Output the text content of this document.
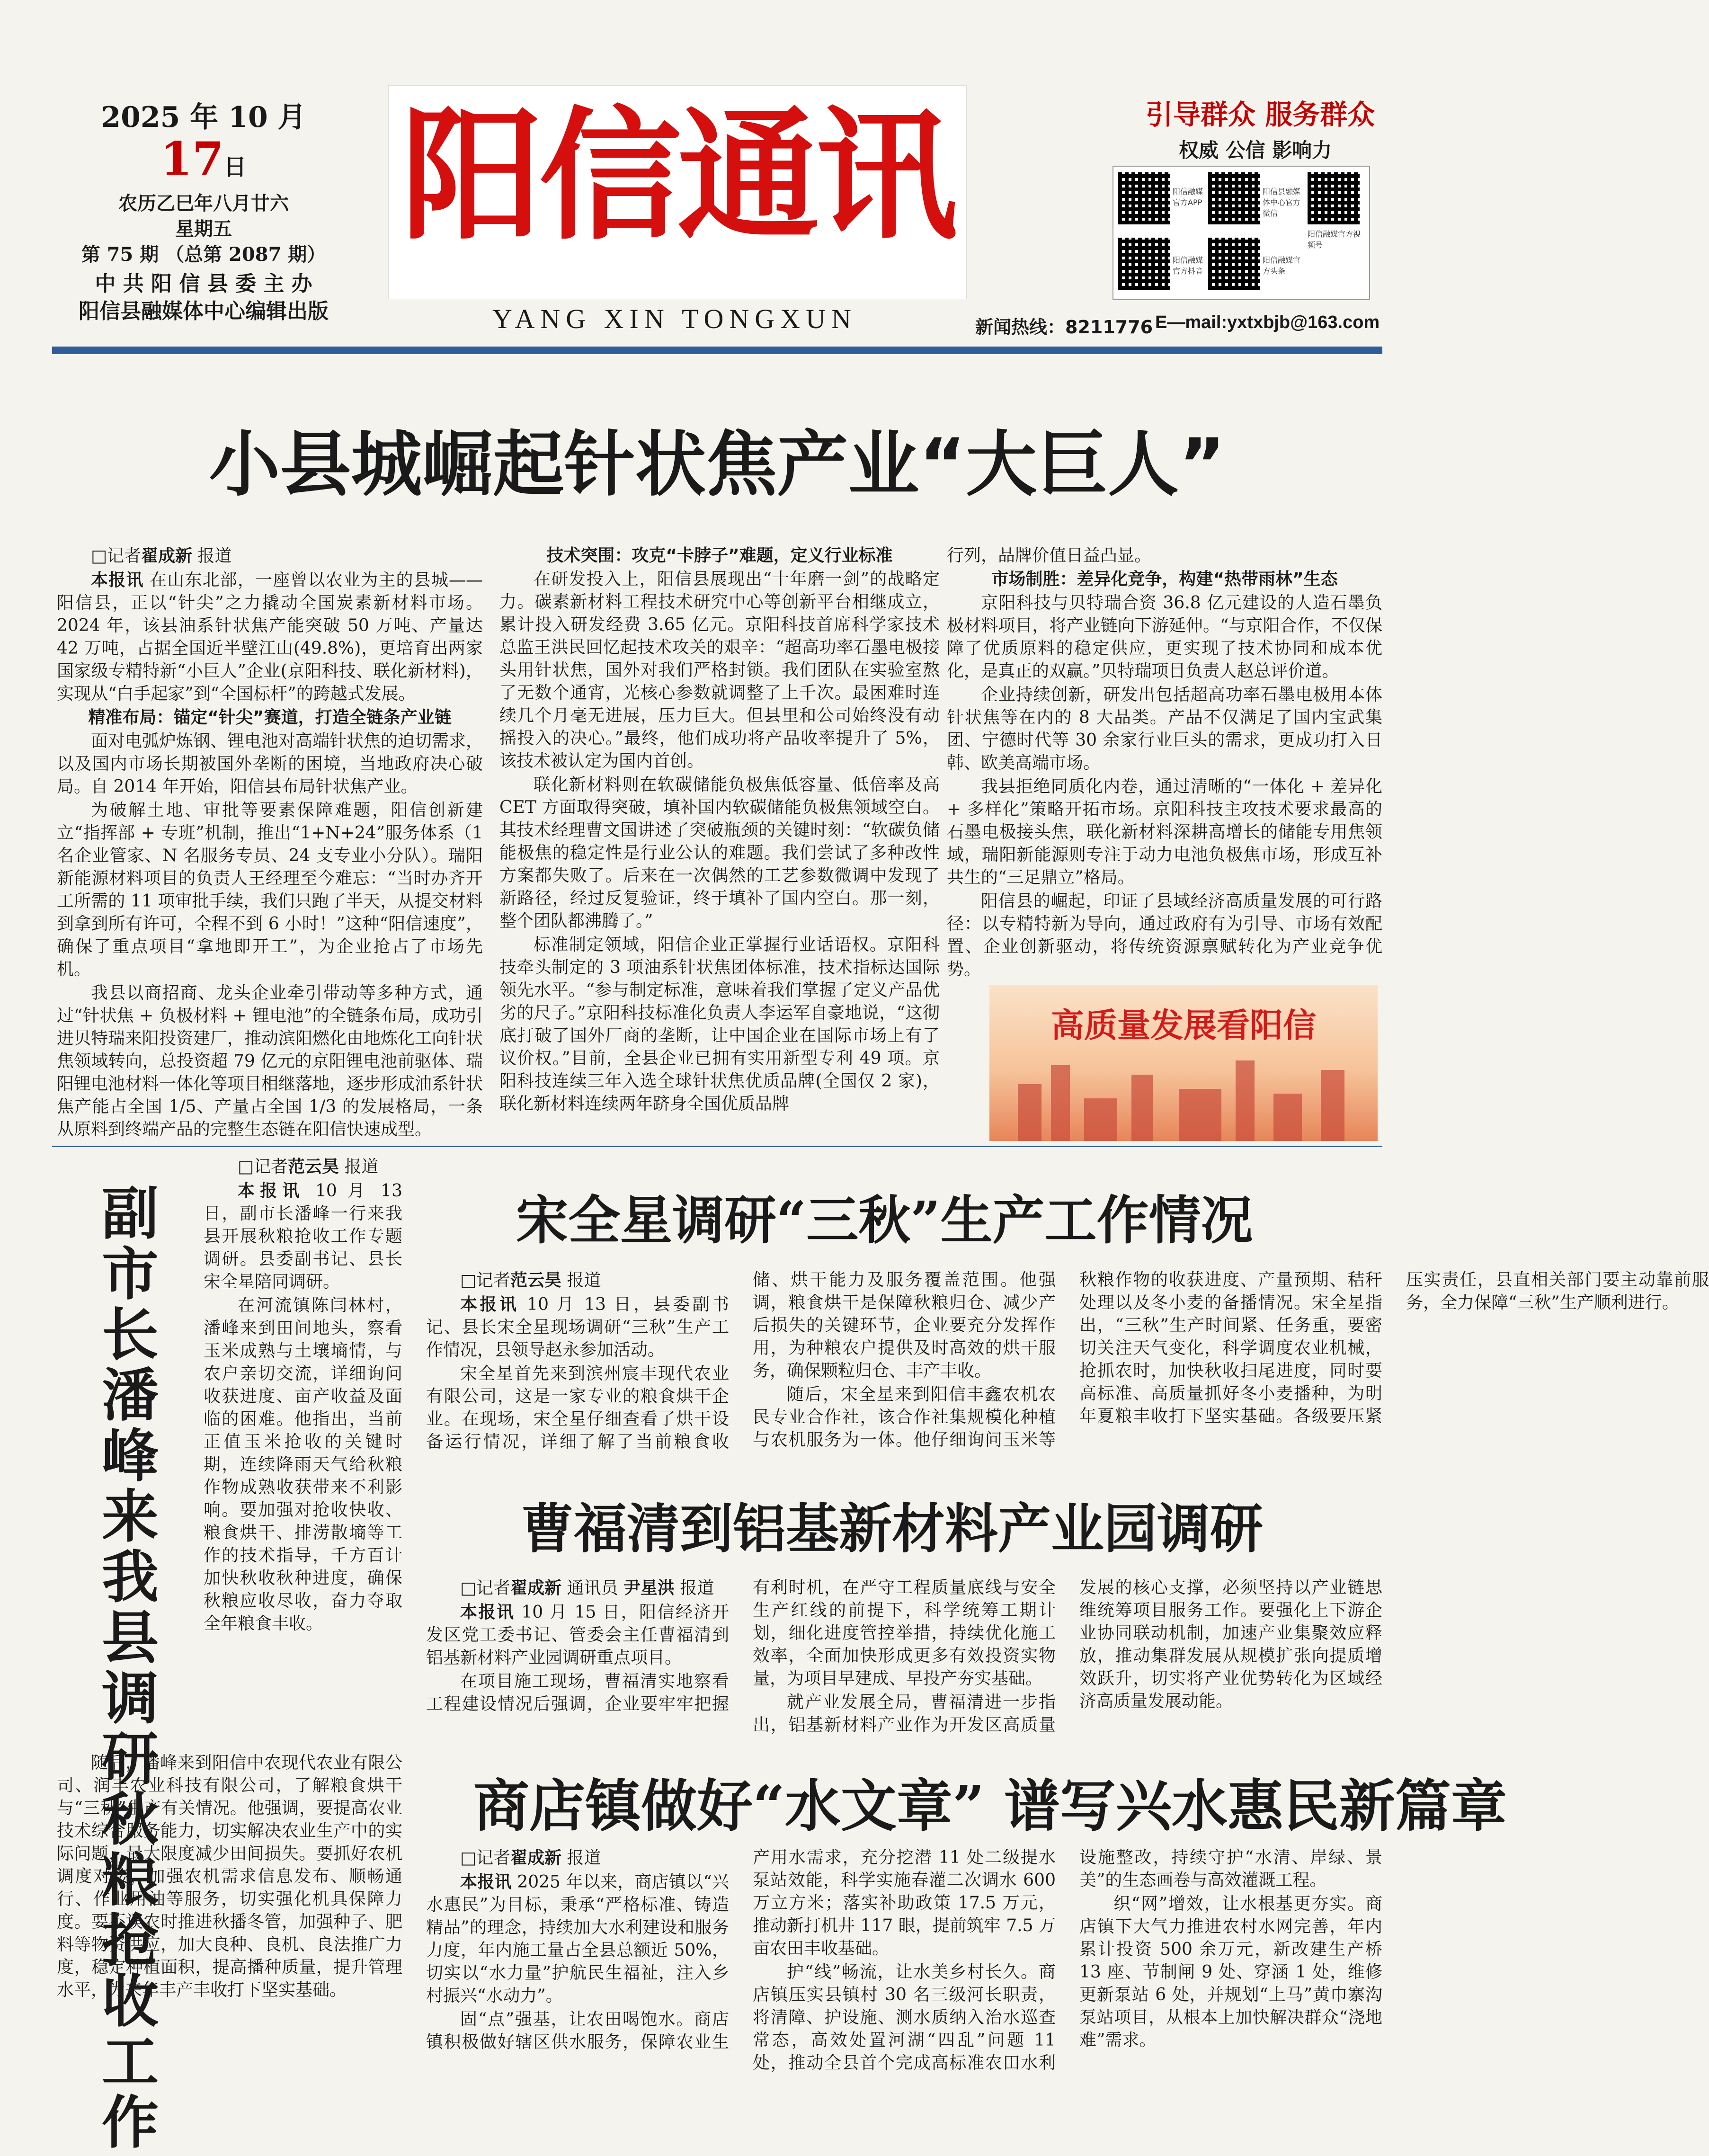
2025 年 10 月
17日
农历乙巳年八月廿六
星期五
第 75 期 （总第 2087 期）
中 共 阳 信 县 委 主 办
阳信县融媒体中心编辑出版
阳信通讯
YANG XIN TONGXUN
引导群众 服务群众
权威 公信 影响力
阳信融媒官方APP
阳信县融媒体中心官方微信
阳信融媒官方抖音
阳信融媒官方头条
阳信融媒官方视频号
新闻热线：8211776 E—mail:yxtxbjb@163.com
小县城崛起针状焦产业“大巨人”

□记者翟成新 报道

本报讯 在山东北部，一座曾以农业为主的县城——阳信县，正以“针尖”之力撬动全国炭素新材料市场。2024 年，该县油系针状焦产能突破 50 万吨、产量达 42 万吨，占据全国近半壁江山(49.8%)，更培育出两家国家级专精特新“小巨人”企业(京阳科技、联化新材料)，实现从“白手起家”到“全国标杆”的跨越式发展。

精准布局：锚定“针尖”赛道，打造全链条产业链

面对电弧炉炼钢、锂电池对高端针状焦的迫切需求，以及国内市场长期被国外垄断的困境，当地政府决心破局。自 2014 年开始，阳信县布局针状焦产业。

为破解土地、审批等要素保障难题，阳信创新建立“指挥部 + 专班”机制，推出“1+N+24”服务体系（1 名企业管家、N 名服务专员、24 支专业小分队）。瑞阳新能源材料项目的负责人王经理至今难忘：“当时办齐开工所需的 11 项审批手续，我们只跑了半天，从提交材料到拿到所有许可，全程不到 6 小时！”这种“阳信速度”，确保了重点项目“拿地即开工”，为企业抢占了市场先机。

我县以商招商、龙头企业牵引带动等多种方式，通过“针状焦 + 负极材料 + 锂电池”的全链条布局，成功引进贝特瑞来阳投资建厂，推动滨阳燃化由地炼化工向针状焦领域转向，总投资超 79 亿元的京阳锂电池前驱体、瑞阳锂电池材料一体化等项目相继落地，逐步形成油系针状焦产能占全国 1/5、产量占全国 1/3 的发展格局，一条从原料到终端产品的完整生态链在阳信快速成型。

技术突围：攻克“卡脖子”难题，定义行业标准

在研发投入上，阳信县展现出“十年磨一剑”的战略定力。碳素新材料工程技术研究中心等创新平台相继成立，累计投入研发经费 3.65 亿元。京阳科技首席科学家技术总监王洪民回忆起技术攻关的艰辛：“超高功率石墨电极接头用针状焦，国外对我们严格封锁。我们团队在实验室熬了无数个通宵，光核心参数就调整了上千次。最困难时连续几个月毫无进展，压力巨大。但县里和公司始终没有动摇投入的决心。”最终，他们成功将产品收率提升了 5%，该技术被认定为国内首创。

联化新材料则在软碳储能负极焦低容量、低倍率及高 CET 方面取得突破，填补国内软碳储能负极焦领域空白。其技术经理曹文国讲述了突破瓶颈的关键时刻：“软碳负储能极焦的稳定性是行业公认的难题。我们尝试了多种改性方案都失败了。后来在一次偶然的工艺参数微调中发现了新路径，经过反复验证，终于填补了国内空白。那一刻，整个团队都沸腾了。”

标准制定领域，阳信企业正掌握行业话语权。京阳科技牵头制定的 3 项油系针状焦团体标准，技术指标达国际领先水平。“参与制定标准，意味着我们掌握了定义产品优劣的尺子。”京阳科技标准化负责人李运军自豪地说，“这彻底打破了国外厂商的垄断，让中国企业在国际市场上有了议价权。”目前，全县企业已拥有实用新型专利 49 项。京阳科技连续三年入选全球针状焦优质品牌(全国仅 2 家)，联化新材料连续两年跻身全国优质品牌

行列，品牌价值日益凸显。

市场制胜：差异化竞争，构建“热带雨林”生态

京阳科技与贝特瑞合资 36.8 亿元建设的人造石墨负极材料项目，将产业链向下游延伸。“与京阳合作，不仅保障了优质原料的稳定供应，更实现了技术协同和成本优化，是真正的双赢。”贝特瑞项目负责人赵总评价道。

企业持续创新，研发出包括超高功率石墨电极用本体针状焦等在内的 8 大品类。产品不仅满足了国内宝武集团、宁德时代等 30 余家行业巨头的需求，更成功打入日韩、欧美高端市场。

我县拒绝同质化内卷，通过清晰的“一体化 + 差异化 + 多样化”策略开拓市场。京阳科技主攻技术要求最高的石墨电极接头焦，联化新材料深耕高增长的储能专用焦领域，瑞阳新能源则专注于动力电池负极焦市场，形成互补共生的“三足鼎立”格局。

阳信县的崛起，印证了县域经济高质量发展的可行路径：以专精特新为导向，通过政府有为引导、市场有效配置、企业创新驱动，将传统资源禀赋转化为产业竞争优势。

高质量发展看阳信
副市长潘峰来我县调研秋粮抢收工作

□记者范云昊 报道

本报讯 10 月 13 日，副市长潘峰一行来我县开展秋粮抢收工作专题调研。县委副书记、县长宋全星陪同调研。

在河流镇陈闫林村，潘峰来到田间地头，察看玉米成熟与土壤墒情，与农户亲切交流，详细询问收获进度、亩产收益及面临的困难。他指出，当前正值玉米抢收的关键时期，连续降雨天气给秋粮作物成熟收获带来不利影响。要加强对抢收快收、粮食烘干、排涝散墒等工作的技术指导，千方百计加快秋收秋种进度，确保秋粮应收尽收，奋力夺取全年粮食丰收。

随后，潘峰来到阳信中农现代农业有限公司、润丰农业科技有限公司，了解粮食烘干与“三秋”生产有关情况。他强调，要提高农业技术综合服务能力，切实解决农业生产中的实际问题，最大限度减少田间损失。要抓好农机调度对接，加强农机需求信息发布、顺畅通行、作业用油等服务，切实强化机具保障力度。要不误农时推进秋播冬管，加强种子、肥料等物资供应，加大良种、良机、良法推广力度，稳定种植面积，提高播种质量，提升管理水平，为来年丰产丰收打下坚实基础。

宋全星调研“三秋”生产工作情况

□记者范云昊 报道

本报讯 10 月 13 日，县委副书记、县长宋全星现场调研“三秋”生产工作情况，县领导赵永参加活动。

宋全星首先来到滨州宸丰现代农业有限公司，这是一家专业的粮食烘干企业。在现场，宋全星仔细查看了烘干设备运行情况，详细了解了当前粮食收储、烘干能力及服务覆盖范围。他强调，粮食烘干是保障秋粮归仓、减少产后损失的关键环节，企业要充分发挥作用，为种粮农户提供及时高效的烘干服务，确保颗粒归仓、丰产丰收。

随后，宋全星来到阳信丰鑫农机农民专业合作社，该合作社集规模化种植与农机服务为一体。他仔细询问玉米等秋粮作物的收获进度、产量预期、秸秆处理以及冬小麦的备播情况。宋全星指出，“三秋”生产时间紧、任务重，要密切关注天气变化，科学调度农业机械，抢抓农时，加快秋收扫尾进度，同时要高标准、高质量抓好冬小麦播种，为明年夏粮丰收打下坚实基础。各级要压紧压实责任，县直相关部门要主动靠前服务，全力保障“三秋”生产顺利进行。

曹福清到铝基新材料产业园调研

□记者翟成新 通讯员 尹星洪 报道

本报讯 10 月 15 日，阳信经济开发区党工委书记、管委会主任曹福清到铝基新材料产业园调研重点项目。

在项目施工现场，曹福清实地察看工程建设情况后强调，企业要牢牢把握有利时机，在严守工程质量底线与安全生产红线的前提下，科学统筹工期计划，细化进度管控举措，持续优化施工效率，全面加快形成更多有效投资实物量，为项目早建成、早投产夯实基础。

就产业发展全局，曹福清进一步指出，铝基新材料产业作为开发区高质量发展的核心支撑，必须坚持以产业链思维统筹项目服务工作。要强化上下游企业协同联动机制，加速产业集聚效应释放，推动集群发展从规模扩张向提质增效跃升，切实将产业优势转化为区域经济高质量发展动能。

商店镇做好“水文章” 谱写兴水惠民新篇章

□记者翟成新 报道

本报讯 2025 年以来，商店镇以“兴水惠民”为目标，秉承“严格标准、铸造精品”的理念，持续加大水利建设和服务力度，年内施工量占全县总额近 50%，切实以“水力量”护航民生福祉，注入乡村振兴“水动力”。

固“点”强基，让农田喝饱水。商店镇积极做好辖区供水服务，保障农业生产用水需求，充分挖潜 11 处二级提水泵站效能，科学实施春灌二次调水 600 万立方米；落实补助政策 17.5 万元，推动新打机井 117 眼，提前筑牢 7.5 万亩农田丰收基础。

护“线”畅流，让水美乡村长久。商店镇压实县镇村 30 名三级河长职责，将清障、护设施、测水质纳入治水巡查常态，高效处置河湖“四乱”问题 11 处，推动全县首个完成高标准农田水利设施整改，持续守护“水清、岸绿、景美”的生态画卷与高效灌溉工程。

织“网”增效，让水根基更夯实。商店镇下大气力推进农村水网完善，年内累计投资 500 余万元，新改建生产桥 13 座、节制闸 9 处、穿涵 1 处，维修更新泵站 6 处，并规划“上马”黄巾寨沟泵站项目，从根本上加快解决群众“浇地难”需求。
